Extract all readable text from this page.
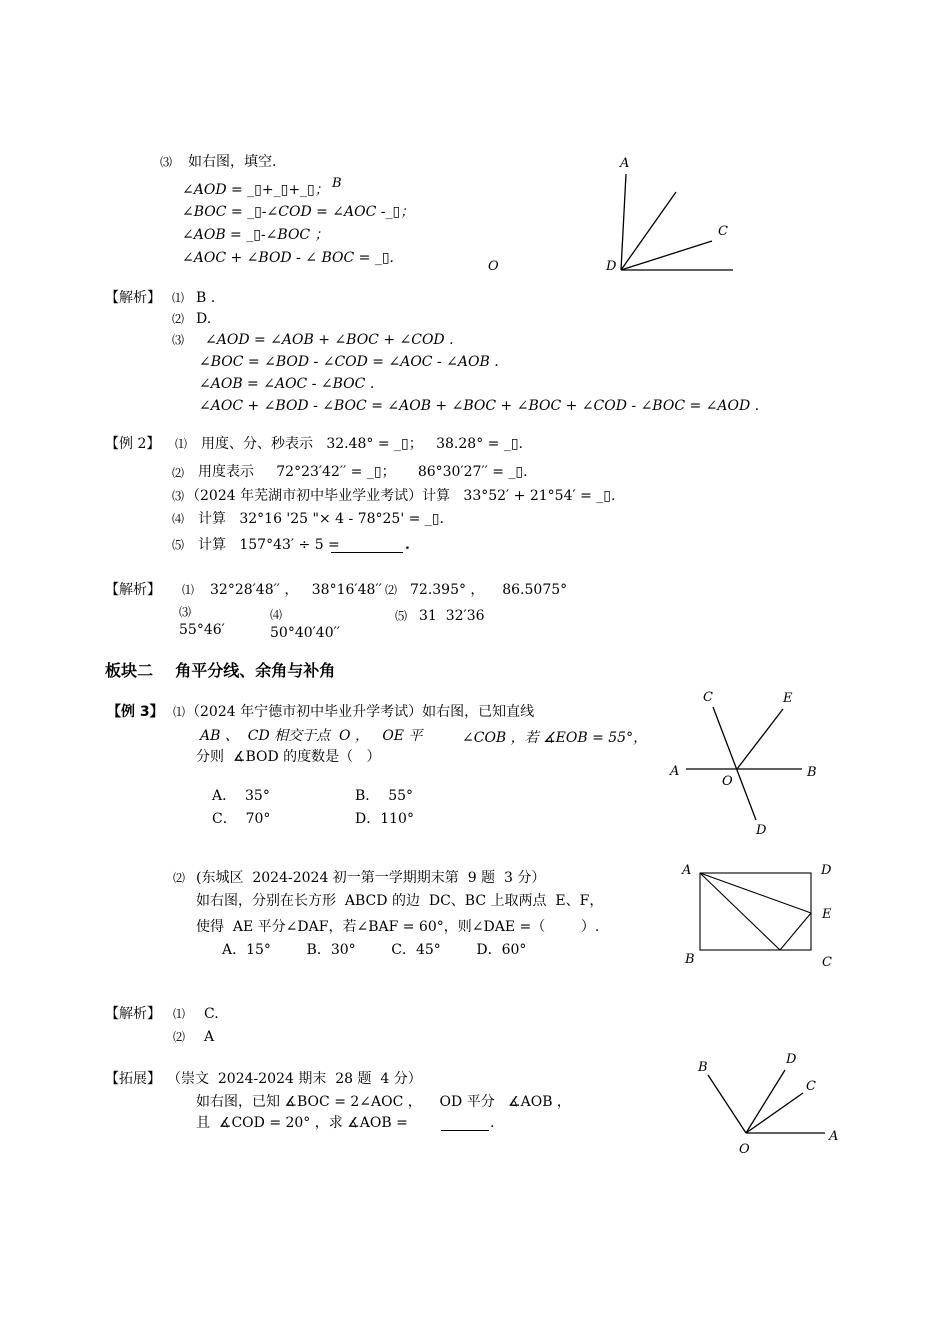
⑶ 如右图，填空.
∠AOD = _▯+_▯+_▯；
∠BOC = _▯-∠COD = ∠AOC -_▯；
∠AOB = _▯-∠BOC ；
∠AOC + ∠BOD - ∠ BOC = _▯.
A
B
C
D
O
【解析】 ⑴ B .
⑵ D.
⑶ ∠AOD = ∠AOB + ∠BOC + ∠COD .
∠BOC = ∠BOD - ∠COD = ∠AOC - ∠AOB .
∠AOB = ∠AOC - ∠BOC .
∠AOC + ∠BOD - ∠BOC = ∠AOB + ∠BOC + ∠BOC + ∠COD - ∠BOC = ∠AOD .
【例 2】 ⑴ 用度、分、秒表示   32.48° = _▯；   38.28° = _▯.
⑵ 用度表示     72°23′42′′ = _▯；     86°30′27′′ = _▯.
⑶ （2024 年芜湖市初中毕业学业考试）计算   33°52′ + 21°54′ = _▯.
⑷ 计算   32°16 '25 "× 4 - 78°25' = _▯.
⑸ 计算   157°43′ ÷ 5 =	.
【解析】 ⑴ 32°28′48′′ ，   38°16′48′′ ⑵ 72.395° ，    86.5075°
⑶
55°46′
⑷
50°40′40′′
⑸ 31  32′36
板块二    角平分线、余角与补角
【例 3】 ⑴ （2024 年宁德市初中毕业升学考试）如右图，已知直线
AB 、  CD 相交于点  O ，   OE 平	∠COB ，若 ∡EOB = 55°，
分则  ∡BOD 的度数是（   ）
A．  35°	B．  55°
C．  70°	D．110°
C	E
A	B
O
D
⑵ (东城区  2024-2024 初一第一学期期末第  9 题  3 分）
如右图，分别在长方形  ABCD 的边  DC、BC 上取两点  E、F，
使得  AE 平分∠DAF，若∠BAF = 60°，则∠DAE =（        ）.
A．15°        B．30°        C．45°        D．60°
A	D
E
B	C
【解析】 ⑴ C.
⑵ A
【拓展】 （崇文  2024-2024 期末  28 题  4 分）
如右图，已知 ∡BOC = 2∠AOC ，    OD 平分   ∡AOB ，
且  ∡COD = 20° ，求 ∡AOB =	.
B
D
C
A
O
